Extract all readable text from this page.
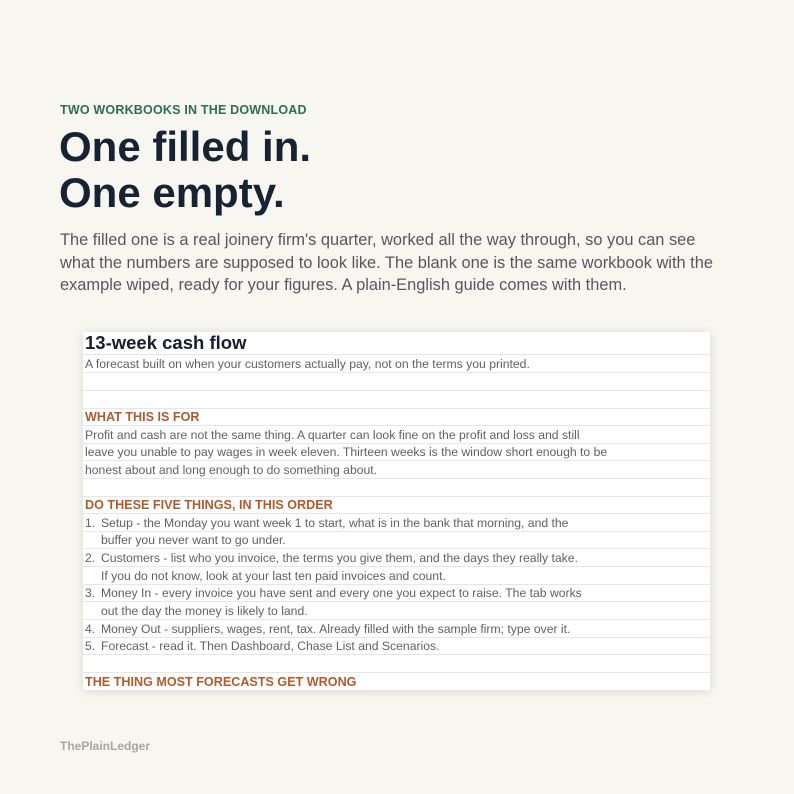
TWO WORKBOOKS IN THE DOWNLOAD
One filled in.
One empty.

The filled one is a real joinery firm's quarter, worked all the way through, so you can see what the numbers are supposed to look like. The blank one is the same workbook with the example wiped, ready for your figures. A plain-English guide comes with them.

13-week cash flow
A forecast built on when your customers actually pay, not on the terms you printed.
WHAT THIS IS FOR
Profit and cash are not the same thing. A quarter can look fine on the profit and loss and still
leave you unable to pay wages in week eleven. Thirteen weeks is the window short enough to be
honest about and long enough to do something about.
DO THESE FIVE THINGS, IN THIS ORDER
1. Setup - the Monday you want week 1 to start, what is in the bank that morning, and the
buffer you never want to go under.
2. Customers - list who you invoice, the terms you give them, and the days they really take.
If you do not know, look at your last ten paid invoices and count.
3. Money In - every invoice you have sent and every one you expect to raise. The tab works
out the day the money is likely to land.
4. Money Out - suppliers, wages, rent, tax. Already filled with the sample firm; type over it.
5. Forecast - read it. Then Dashboard, Chase List and Scenarios.
THE THING MOST FORECASTS GET WRONG
ThePlainLedger
